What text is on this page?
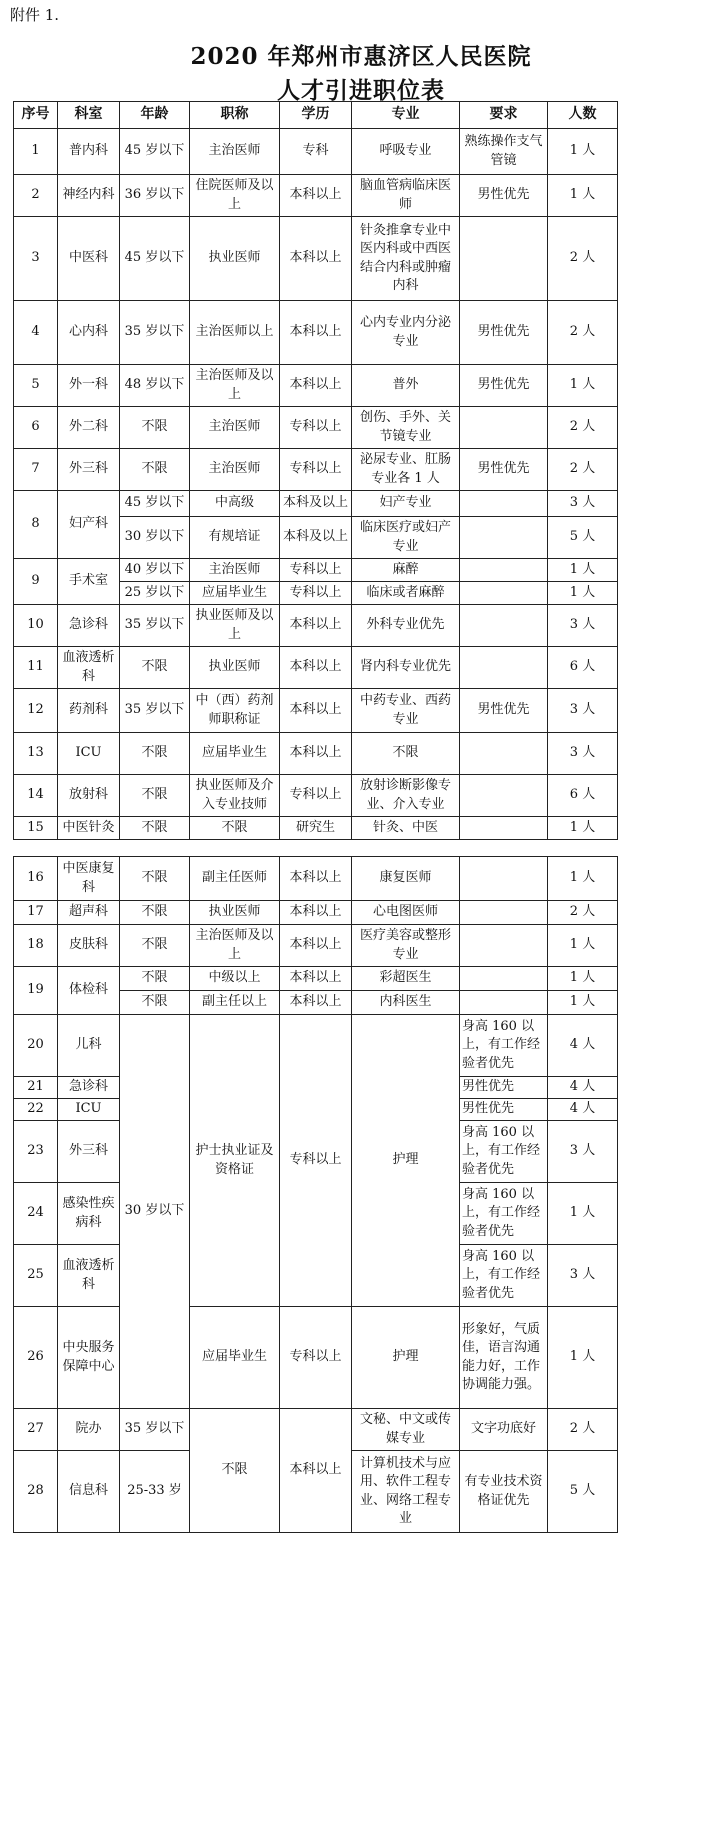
附件 1.
2020 年郑州市惠济区人民医院
人才引进职位表
序号	科室	年龄	职称	学历	专业	要求	人数
1	普内科	45 岁以下	主治医师	专科	呼吸专业	熟练操作支气管镜	1 人
2	神经内科	36 岁以下	住院医师及以上	本科以上	脑血管病临床医师	男性优先	1 人
3	中医科	45 岁以下	执业医师	本科以上	针灸推拿专业中医内科或中西医结合内科或肿瘤内科		2 人
4	心内科	35 岁以下	主治医师以上	本科以上	心内专业内分泌专业	男性优先	2 人
5	外一科	48 岁以下	主治医师及以上	本科以上	普外	男性优先	1 人
6	外二科	不限	主治医师	专科以上	创伤、手外、关节镜专业		2 人
7	外三科	不限	主治医师	专科以上	泌尿专业、肛肠专业各 1 人	男性优先	2 人
8	妇产科	45 岁以下	中高级	本科及以上	妇产专业		3 人
		30 岁以下	有规培证	本科及以上	临床医疗或妇产专业		5 人
9	手术室	40 岁以下	主治医师	专科以上	麻醉		1 人
		25 岁以下	应届毕业生	专科以上	临床或者麻醉		1 人
10	急诊科	35 岁以下	执业医师及以上	本科以上	外科专业优先		3 人
11	血液透析科	不限	执业医师	本科以上	肾内科专业优先		6 人
12	药剂科	35 岁以下	中（西）药剂师职称证	本科以上	中药专业、西药专业	男性优先	3 人
13	ICU	不限	应届毕业生	本科以上	不限		3 人
14	放射科	不限	执业医师及介入专业技师	专科以上	放射诊断影像专业、介入专业		6 人
15	中医针灸	不限	不限	研究生	针灸、中医		1 人
16	中医康复科	不限	副主任医师	本科以上	康复医师		1 人
17	超声科	不限	执业医师	本科以上	心电图医师		2 人
18	皮肤科	不限	主治医师及以上	本科以上	医疗美容或整形专业		1 人
19	体检科	不限	中级以上	本科以上	彩超医生		1 人
		不限	副主任以上	本科以上	内科医生		1 人
20	儿科	30 岁以下	护士执业证及资格证	专科以上	护理	身高 160 以上，有工作经验者优先	4 人
21	急诊科					男性优先	4 人
22	ICU					男性优先	4 人
23	外三科					身高 160 以上，有工作经验者优先	3 人
24	感染性疾病科					身高 160 以上，有工作经验者优先	1 人
25	血液透析科					身高 160 以上，有工作经验者优先	3 人
26	中央服务保障中心		应届毕业生	专科以上	护理	形象好，气质佳，语言沟通能力好，工作协调能力强。	1 人
27	院办	35 岁以下	不限	本科以上	文秘、中文或传媒专业	文字功底好	2 人
28	信息科	25-33 岁			计算机技术与应用、软件工程专业、网络工程专业	有专业技术资格证优先	5 人
